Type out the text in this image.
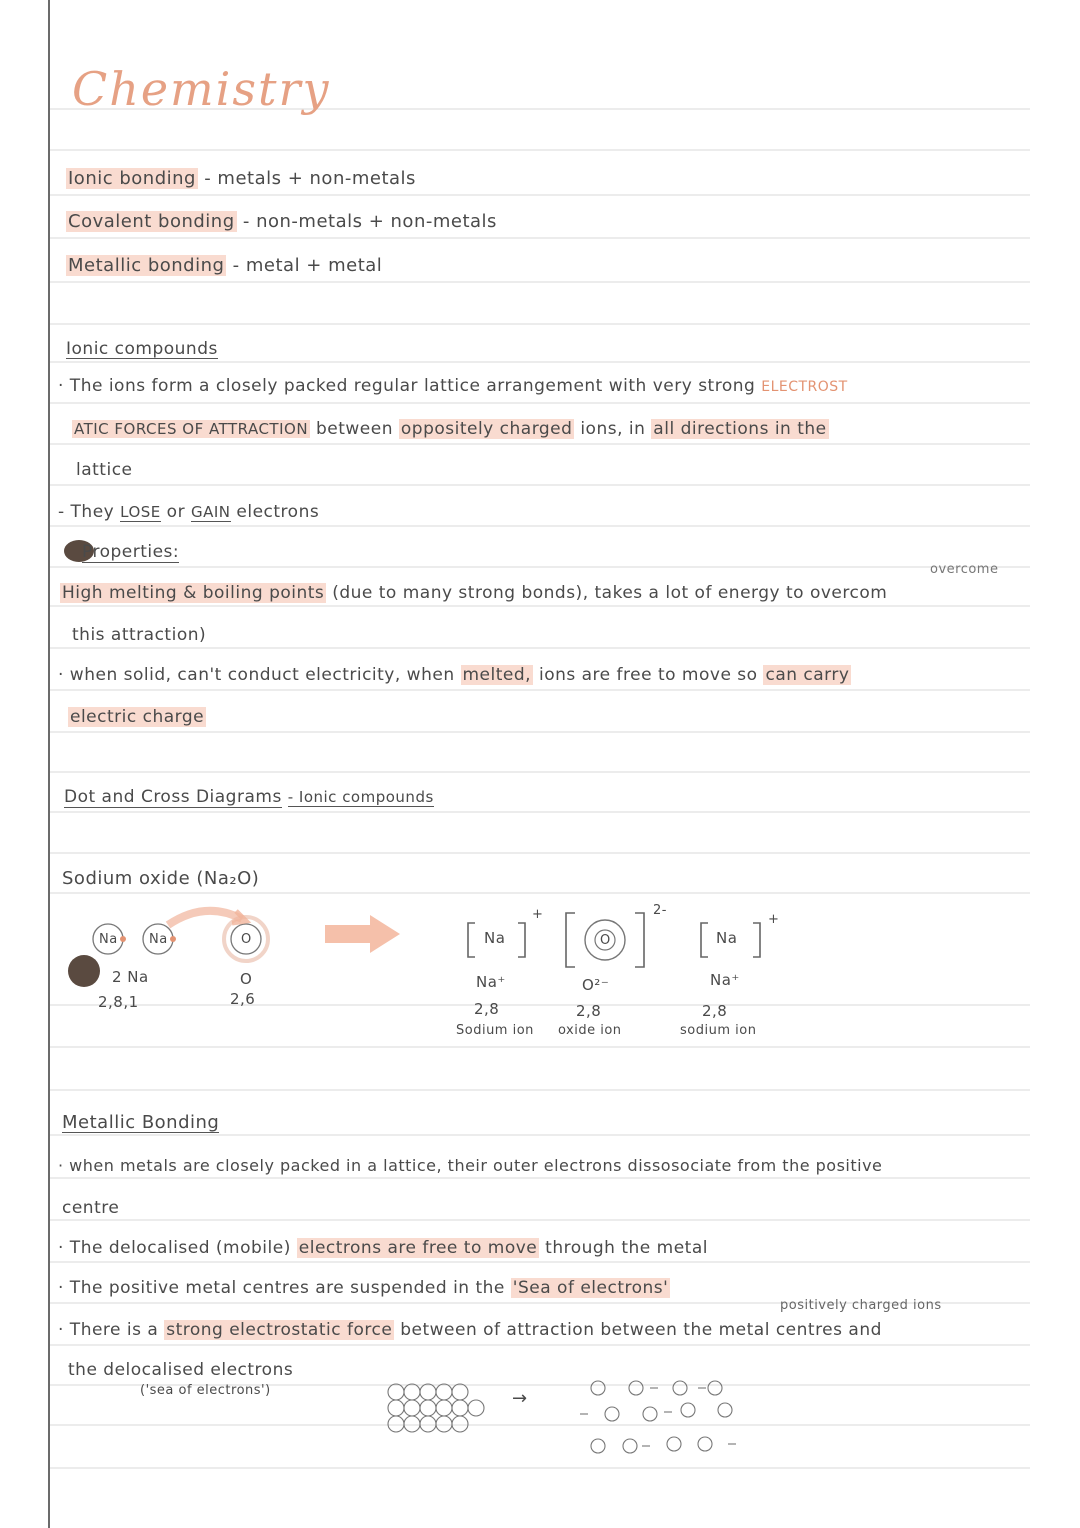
Chemistry
Ionic bonding - metals + non-metals
Covalent bonding - non-metals + non-metals
Metallic bonding - metal + metal
Ionic compounds
· The ions form a closely packed regular lattice arrangement with very strong ELECTROST
ATIC FORCES OF ATTRACTION between oppositely charged ions, in all directions in the
lattice
- They LOSE or GAIN electrons
Properties:
overcome
High melting & boiling points (due to many strong bonds), takes a lot of energy to overcom
this attraction)
· when solid, can't conduct electricity, when melted, ions are free to move so can carry
electric charge
Dot and Cross Diagrams - Ionic compounds
Sodium oxide (Na₂O)
Na Na	O
2 Na
2,8,1
O
2,6
Na
+
Na⁺
2,8
Sodium ion
O
2-
O²⁻
2,8
oxide ion
Na
+
Na⁺
2,8
sodium ion
Metallic Bonding
· when metals are closely packed in a lattice, their outer electrons dissosociate from the positive
centre
· The delocalised (mobile) electrons are free to move through the metal
· The positive metal centres are suspended in the 'Sea of electrons'
positively charged ions
· There is a strong electrostatic force between of attraction between the metal centres and
the delocalised electrons
('sea of electrons')	→
